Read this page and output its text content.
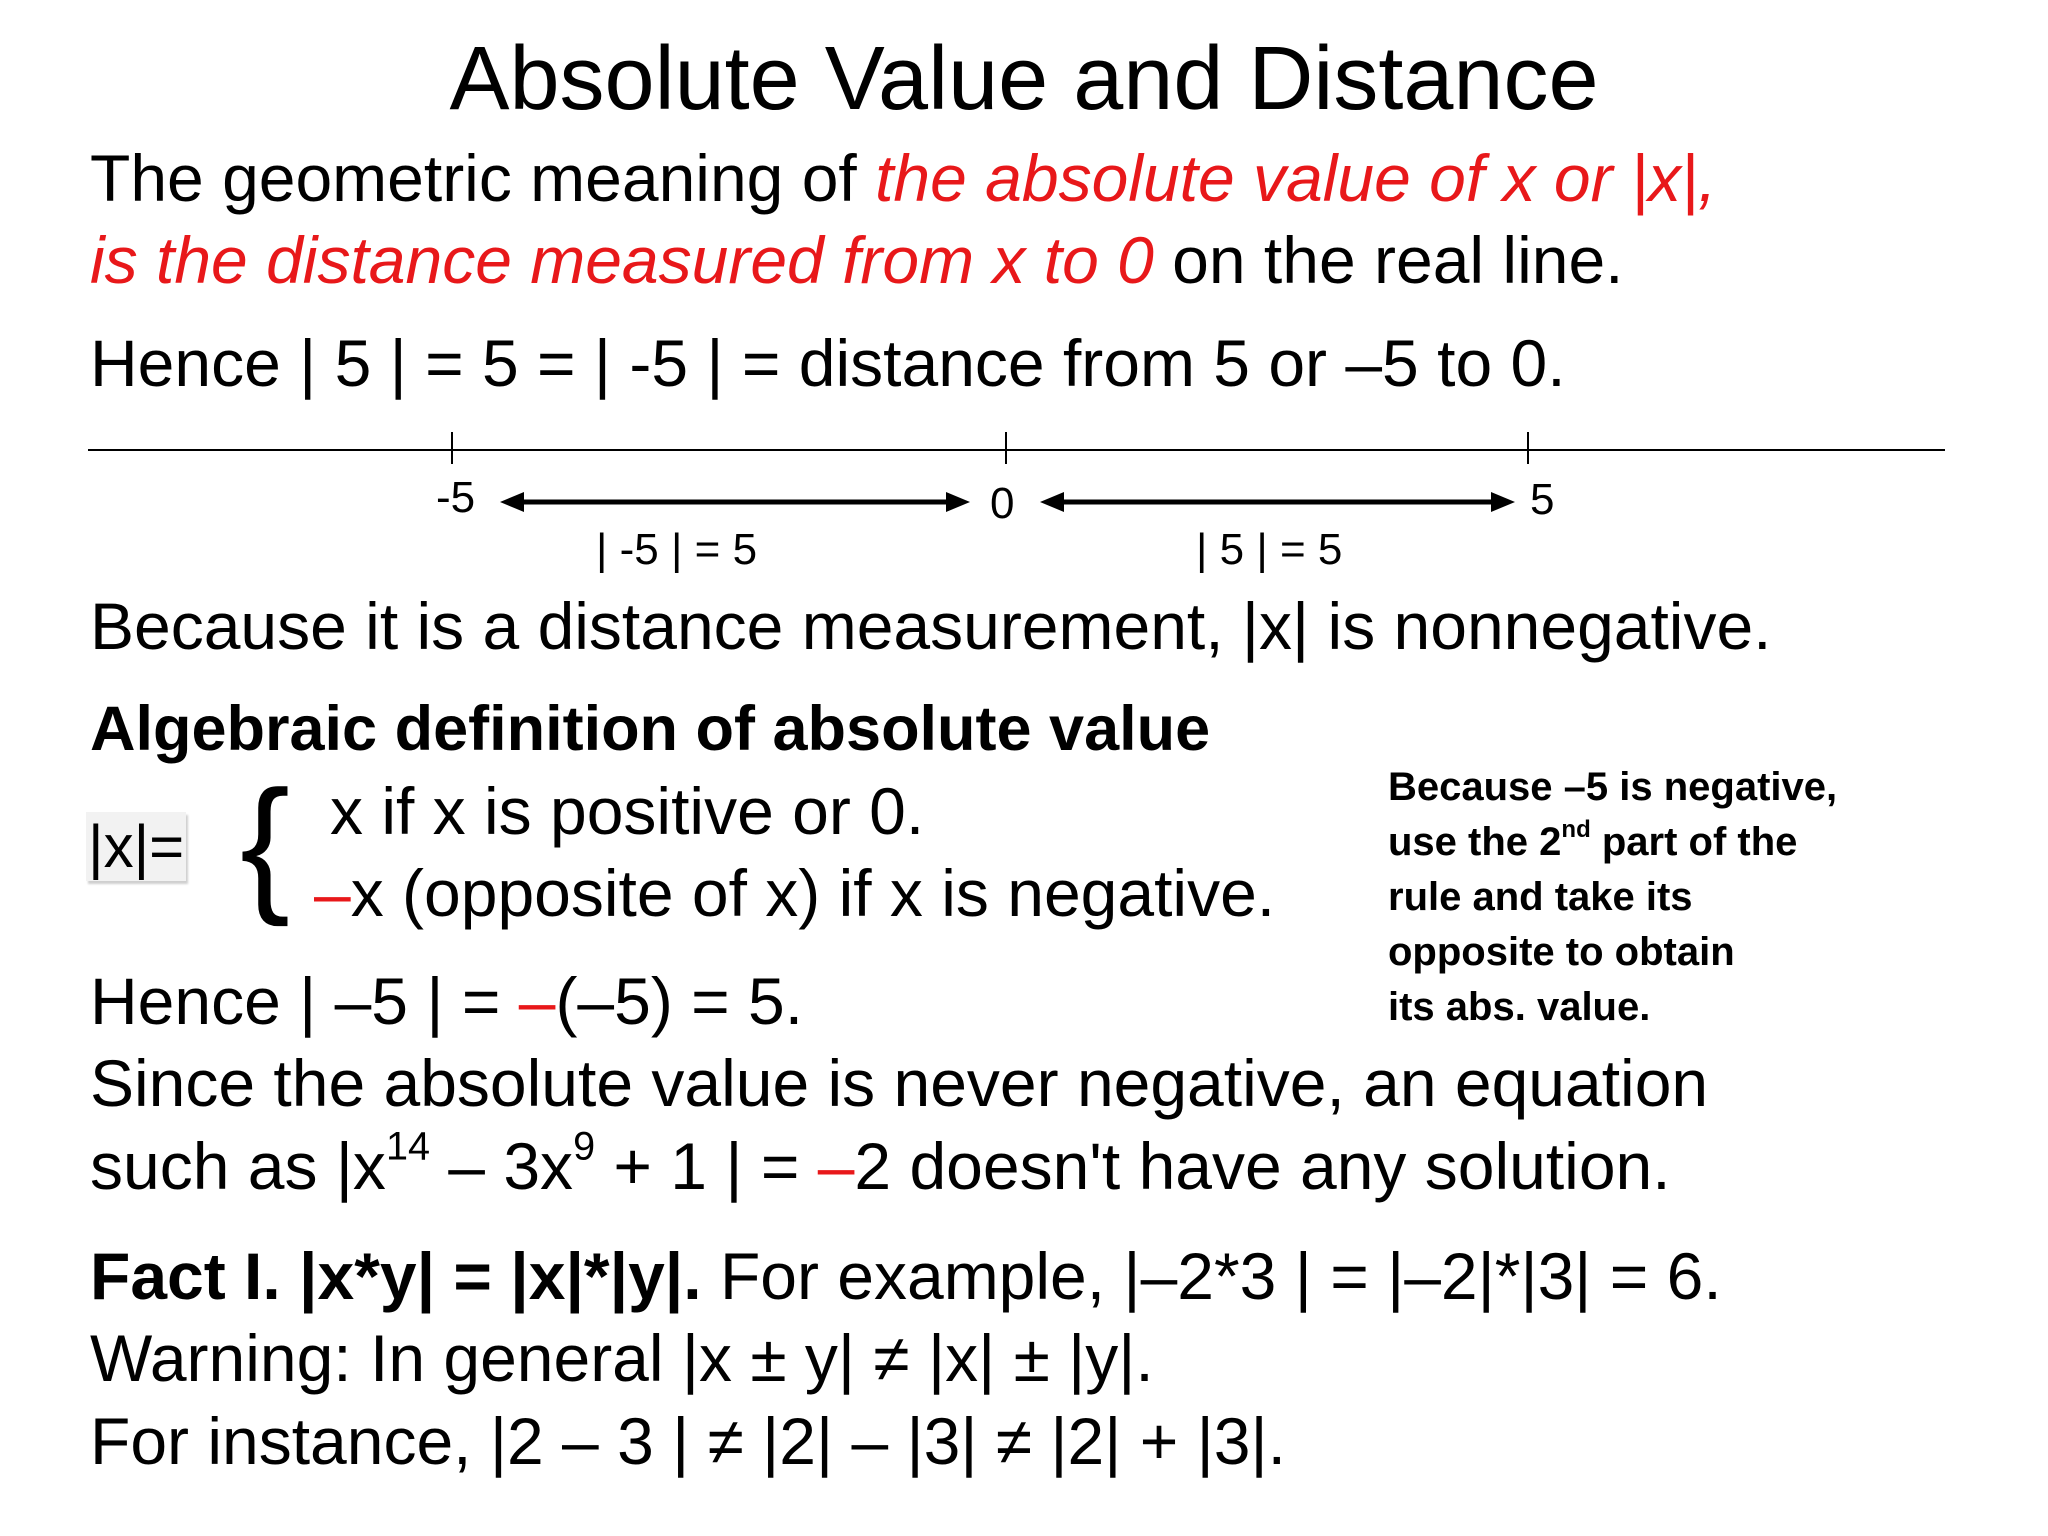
Absolute Value and Distance
The geometric meaning of the absolute value of x or |x|,
is the distance measured from x to 0 on the real line.
Hence | 5 | = 5 = | -5 | = distance from 5 or –5 to 0.
-5	0	5
| -5 | = 5	| 5 | = 5
Because it is a distance measurement, |x| is nonnegative.
Algebraic definition of absolute value
|x|= { x if x is positive or 0.
–x (opposite of x) if x is negative.
Because –5 is negative,
use the 2nd part of the
rule and take its
opposite to obtain
its abs. value.
Hence | –5 | = –(–5) = 5.
Since the absolute value is never negative, an equation
such as $|x^{14} - 3x^9 + 1$ | = –2 doesn't have any solution.
Fact I. |x*y| = |x|*|y|. For example, |–2*3 | = |–2|*|3| = 6.
Warning: In general |x ± y| ≠ |x| ± |y|.
For instance, |2 – 3 | ≠ |2| – |3| ≠ |2| + |3|.
